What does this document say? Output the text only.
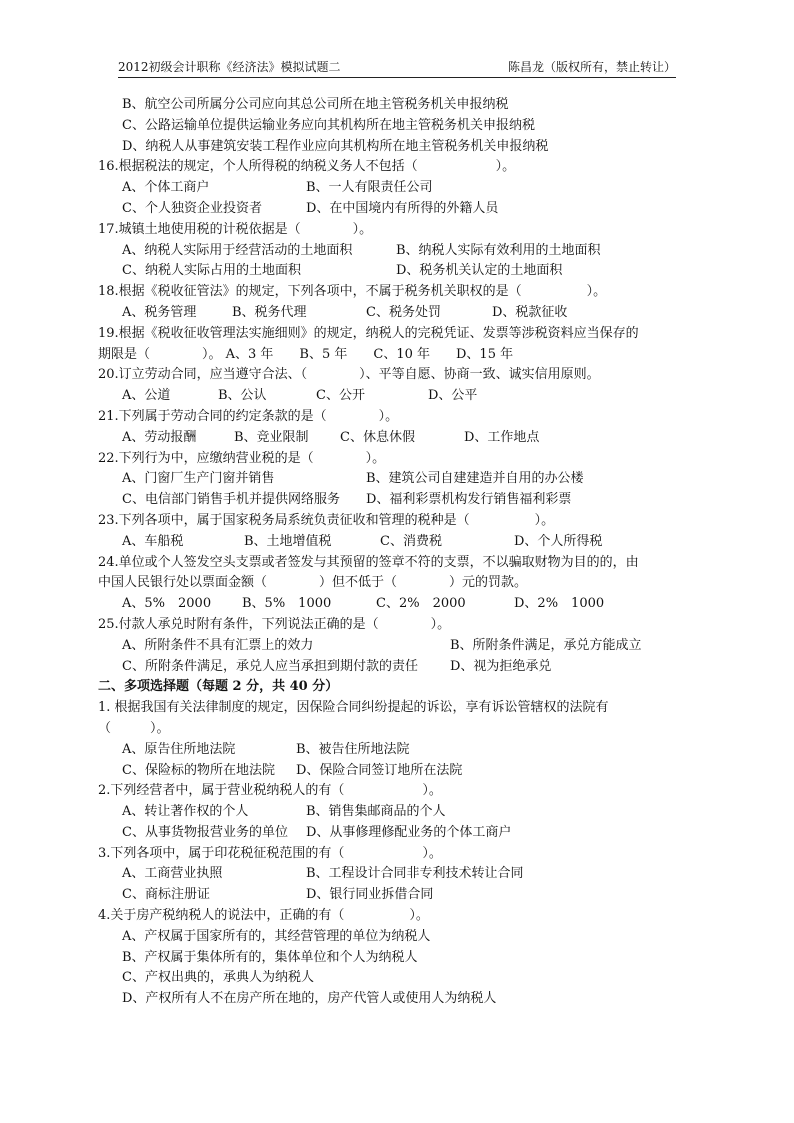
2012初级会计职称《经济法》模拟试题二	陈昌龙（版权所有，禁止转让）
B、航空公司所属分公司应向其总公司所在地主管税务机关申报纳税
C、公路运输单位提供运输业务应向其机构所在地主管税务机关申报纳税
D、纳税人从事建筑安装工程作业应向其机构所在地主管税务机关申报纳税
16.根据税法的规定，个人所得税的纳税义务人不包括（　　　　　　）。
A、个体工商户	B、一人有限责任公司
C、个人独资企业投资者	D、在中国境内有所得的外籍人员
17.城镇土地使用税的计税依据是（　　　　）。
A、纳税人实际用于经营活动的土地面积	B、纳税人实际有效利用的土地面积
C、纳税人实际占用的土地面积	D、税务机关认定的土地面积
18.根据《税收征管法》的规定，下列各项中，不属于税务机关职权的是（　　　　　）。
A、税务管理	B、税务代理	C、税务处罚	D、税款征收
19.根据《税收征收管理法实施细则》的规定，纳税人的完税凭证、发票等涉税资料应当保存的
期限是（　　　　）。 A、3 年　　B、5 年　　C、10 年　　D、15 年
20.订立劳动合同，应当遵守合法、（　　　　）、平等自愿、协商一致、诚实信用原则。
A、公道	B、公认	C、公开	D、公平
21.下列属于劳动合同的约定条款的是（　　　　）。
A、劳动报酬	B、竞业限制 C、休息休假	D、工作地点
22.下列行为中，应缴纳营业税的是（　　　　）。
A、门窗厂生产门窗并销售	B、建筑公司自建建造并自用的办公楼
C、电信部门销售手机并提供网络服务 D、福利彩票机构发行销售福利彩票
23.下列各项中，属于国家税务局系统负责征收和管理的税种是（　　　　　）。
A、车船税	B、土地增值税	C、消费税	D、个人所得税
24.单位或个人签发空头支票或者签发与其预留的签章不符的支票，不以骗取财物为目的的，由
中国人民银行处以票面金额（　　　　）但不低于（　　　　）元的罚款。
A、5%　2000 B、5%　1000	C、2%　2000	D、2%　1000
25.付款人承兑时附有条件，下列说法正确的是（　　　　）。
A、所附条件不具有汇票上的效力	B、所附条件满足，承兑方能成立
C、所附条件满足，承兑人应当承担到期付款的责任 D、视为拒绝承兑
二、多项选择题（每题 2 分，共 40 分）
1. 根据我国有关法律制度的规定，因保险合同纠纷提起的诉讼，享有诉讼管辖权的法院有
（　　　）。
A、原告住所地法院	B、被告住所地法院
C、保险标的物所在地法院 D、保险合同签订地所在法院
2.下列经营者中，属于营业税纳税人的有（　　　　　　）。
A、转让著作权的个人	B、销售集邮商品的个人
C、从事货物报营业务的单位 D、从事修理修配业务的个体工商户
3.下列各项中，属于印花税征税范围的有（　　　　　　）。
A、工商营业执照	B、工程设计合同非专利技术转让合同
C、商标注册证	D、银行同业拆借合同
4.关于房产税纳税人的说法中，正确的有（　　　　　）。
A、产权属于国家所有的，其经营管理的单位为纳税人
B、产权属于集体所有的，集体单位和个人为纳税人
C、产权出典的，承典人为纳税人
D、产权所有人不在房产所在地的，房产代管人或使用人为纳税人
